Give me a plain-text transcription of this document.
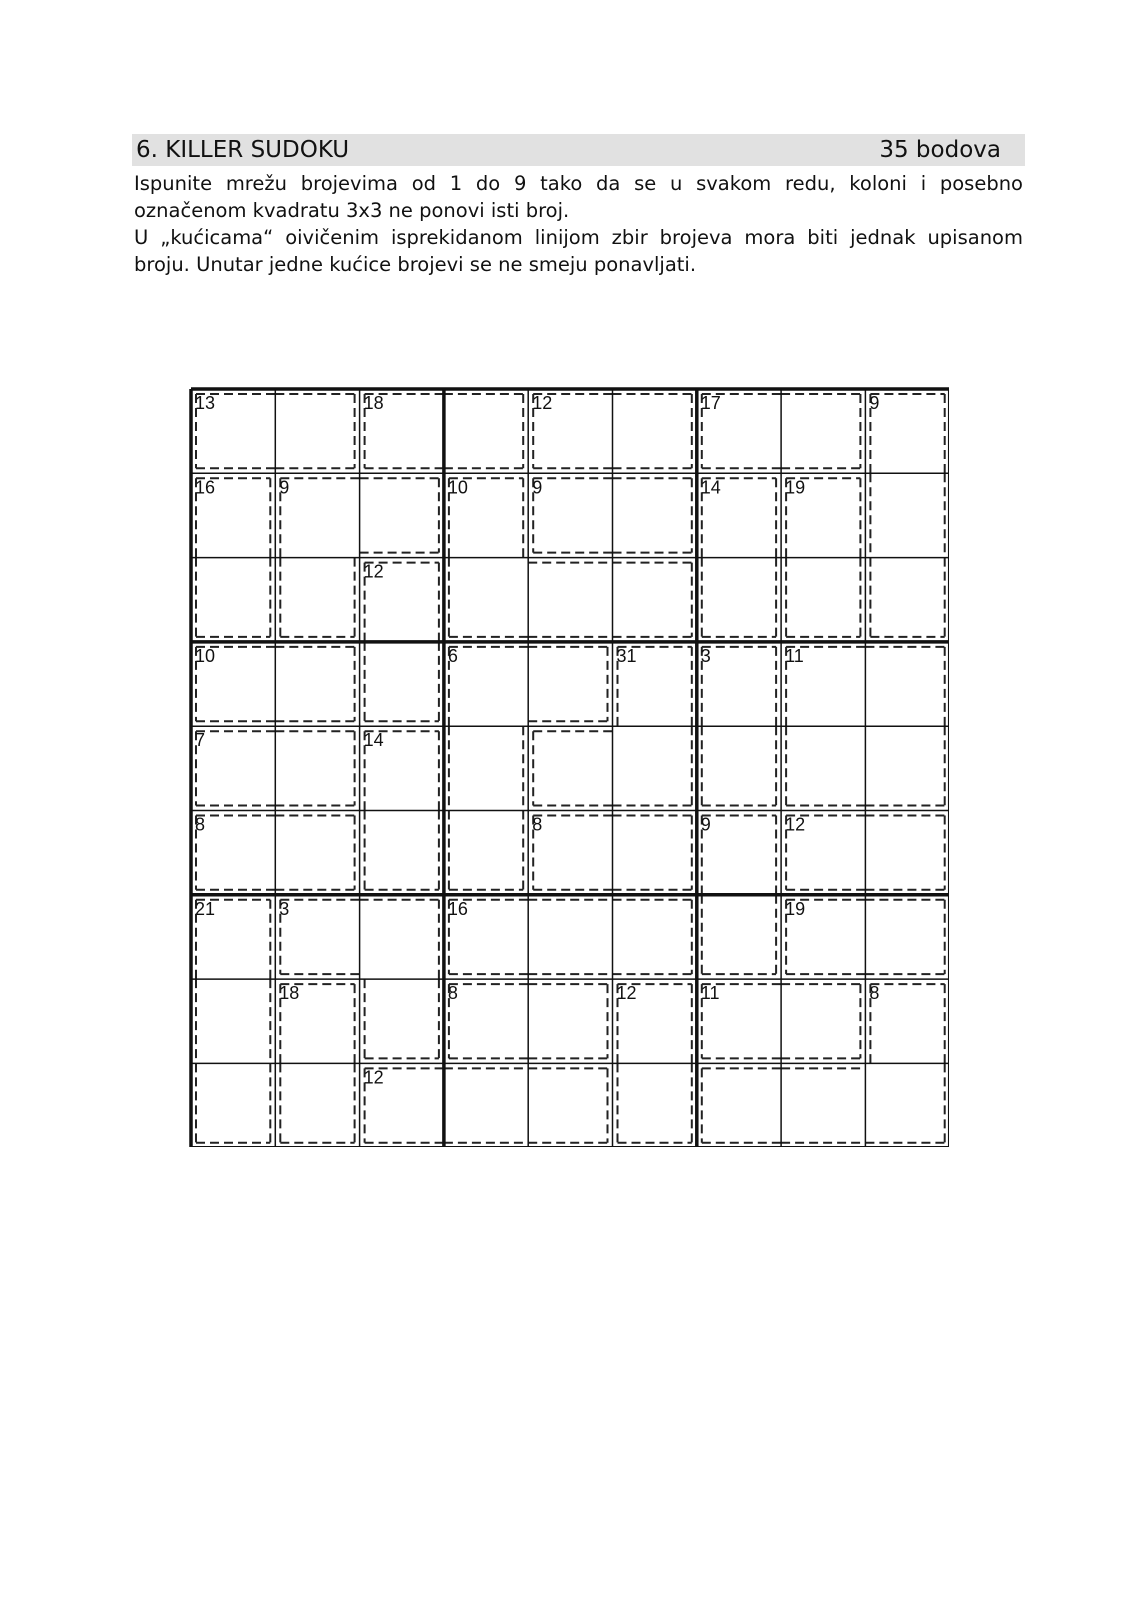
6. KILLER SUDOKU	35 bodova

Ispunite mrežu brojevima od 1 do 9 tako da se u svakom redu, koloni i posebno

označenom kvadratu 3x3 ne ponovi isti broj.

U „kućicama“ oivičenim isprekidanom linijom zbir brojeva mora biti jednak upisanom

broju. Unutar jedne kućice brojevi se ne smeju ponavljati.

13	18	12	17	9
16	9	9	14
12
10	19
10	6	31	3
7	14
11
8	8	9	12
21	3	16	19
18	8	12	11
12
8
